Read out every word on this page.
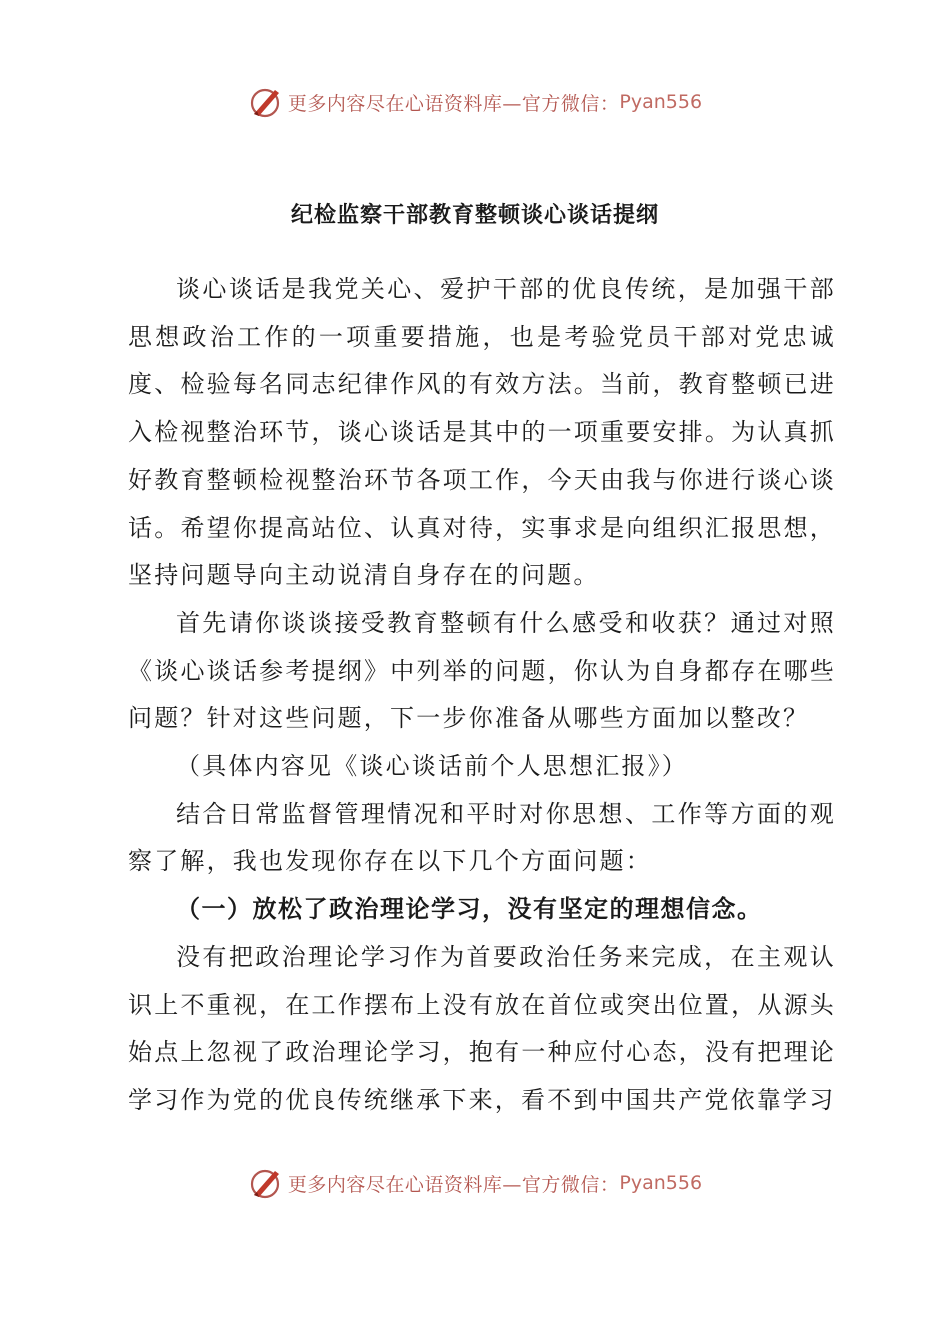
更多内容尽在心语资料库—官方微信： Pyan556
纪检监察干部教育整顿谈心谈话提纲

谈心谈话是我党关心、爱护干部的优良传统，是加强干部思想政治工作的一项重要措施，也是考验党员干部对党忠诚度、检验每名同志纪律作风的有效方法。当前，教育整顿已进入检视整治环节，谈心谈话是其中的一项重要安排。为认真抓好教育整顿检视整治环节各项工作，今天由我与你进行谈心谈话。希望你提高站位、认真对待，实事求是向组织汇报思想，坚持问题导向主动说清自身存在的问题。

首先请你谈谈接受教育整顿有什么感受和收获？通过对照《谈心谈话参考提纲》中列举的问题，你认为自身都存在哪些问题？针对这些问题，下一步你准备从哪些方面加以整改？

（具体内容见《谈心谈话前个人思想汇报》）

结合日常监督管理情况和平时对你思想、工作等方面的观察了解，我也发现你存在以下几个方面问题：

（一）放松了政治理论学习，没有坚定的理想信念。

没有把政治理论学习作为首要政治任务来完成，在主观认识上不重视，在工作摆布上没有放在首位或突出位置，从源头始点上忽视了政治理论学习，抱有一种应付心态，没有把理论学习作为党的优良传统继承下来，看不到中国共产党依靠学习

更多内容尽在心语资料库—官方微信： Pyan556
